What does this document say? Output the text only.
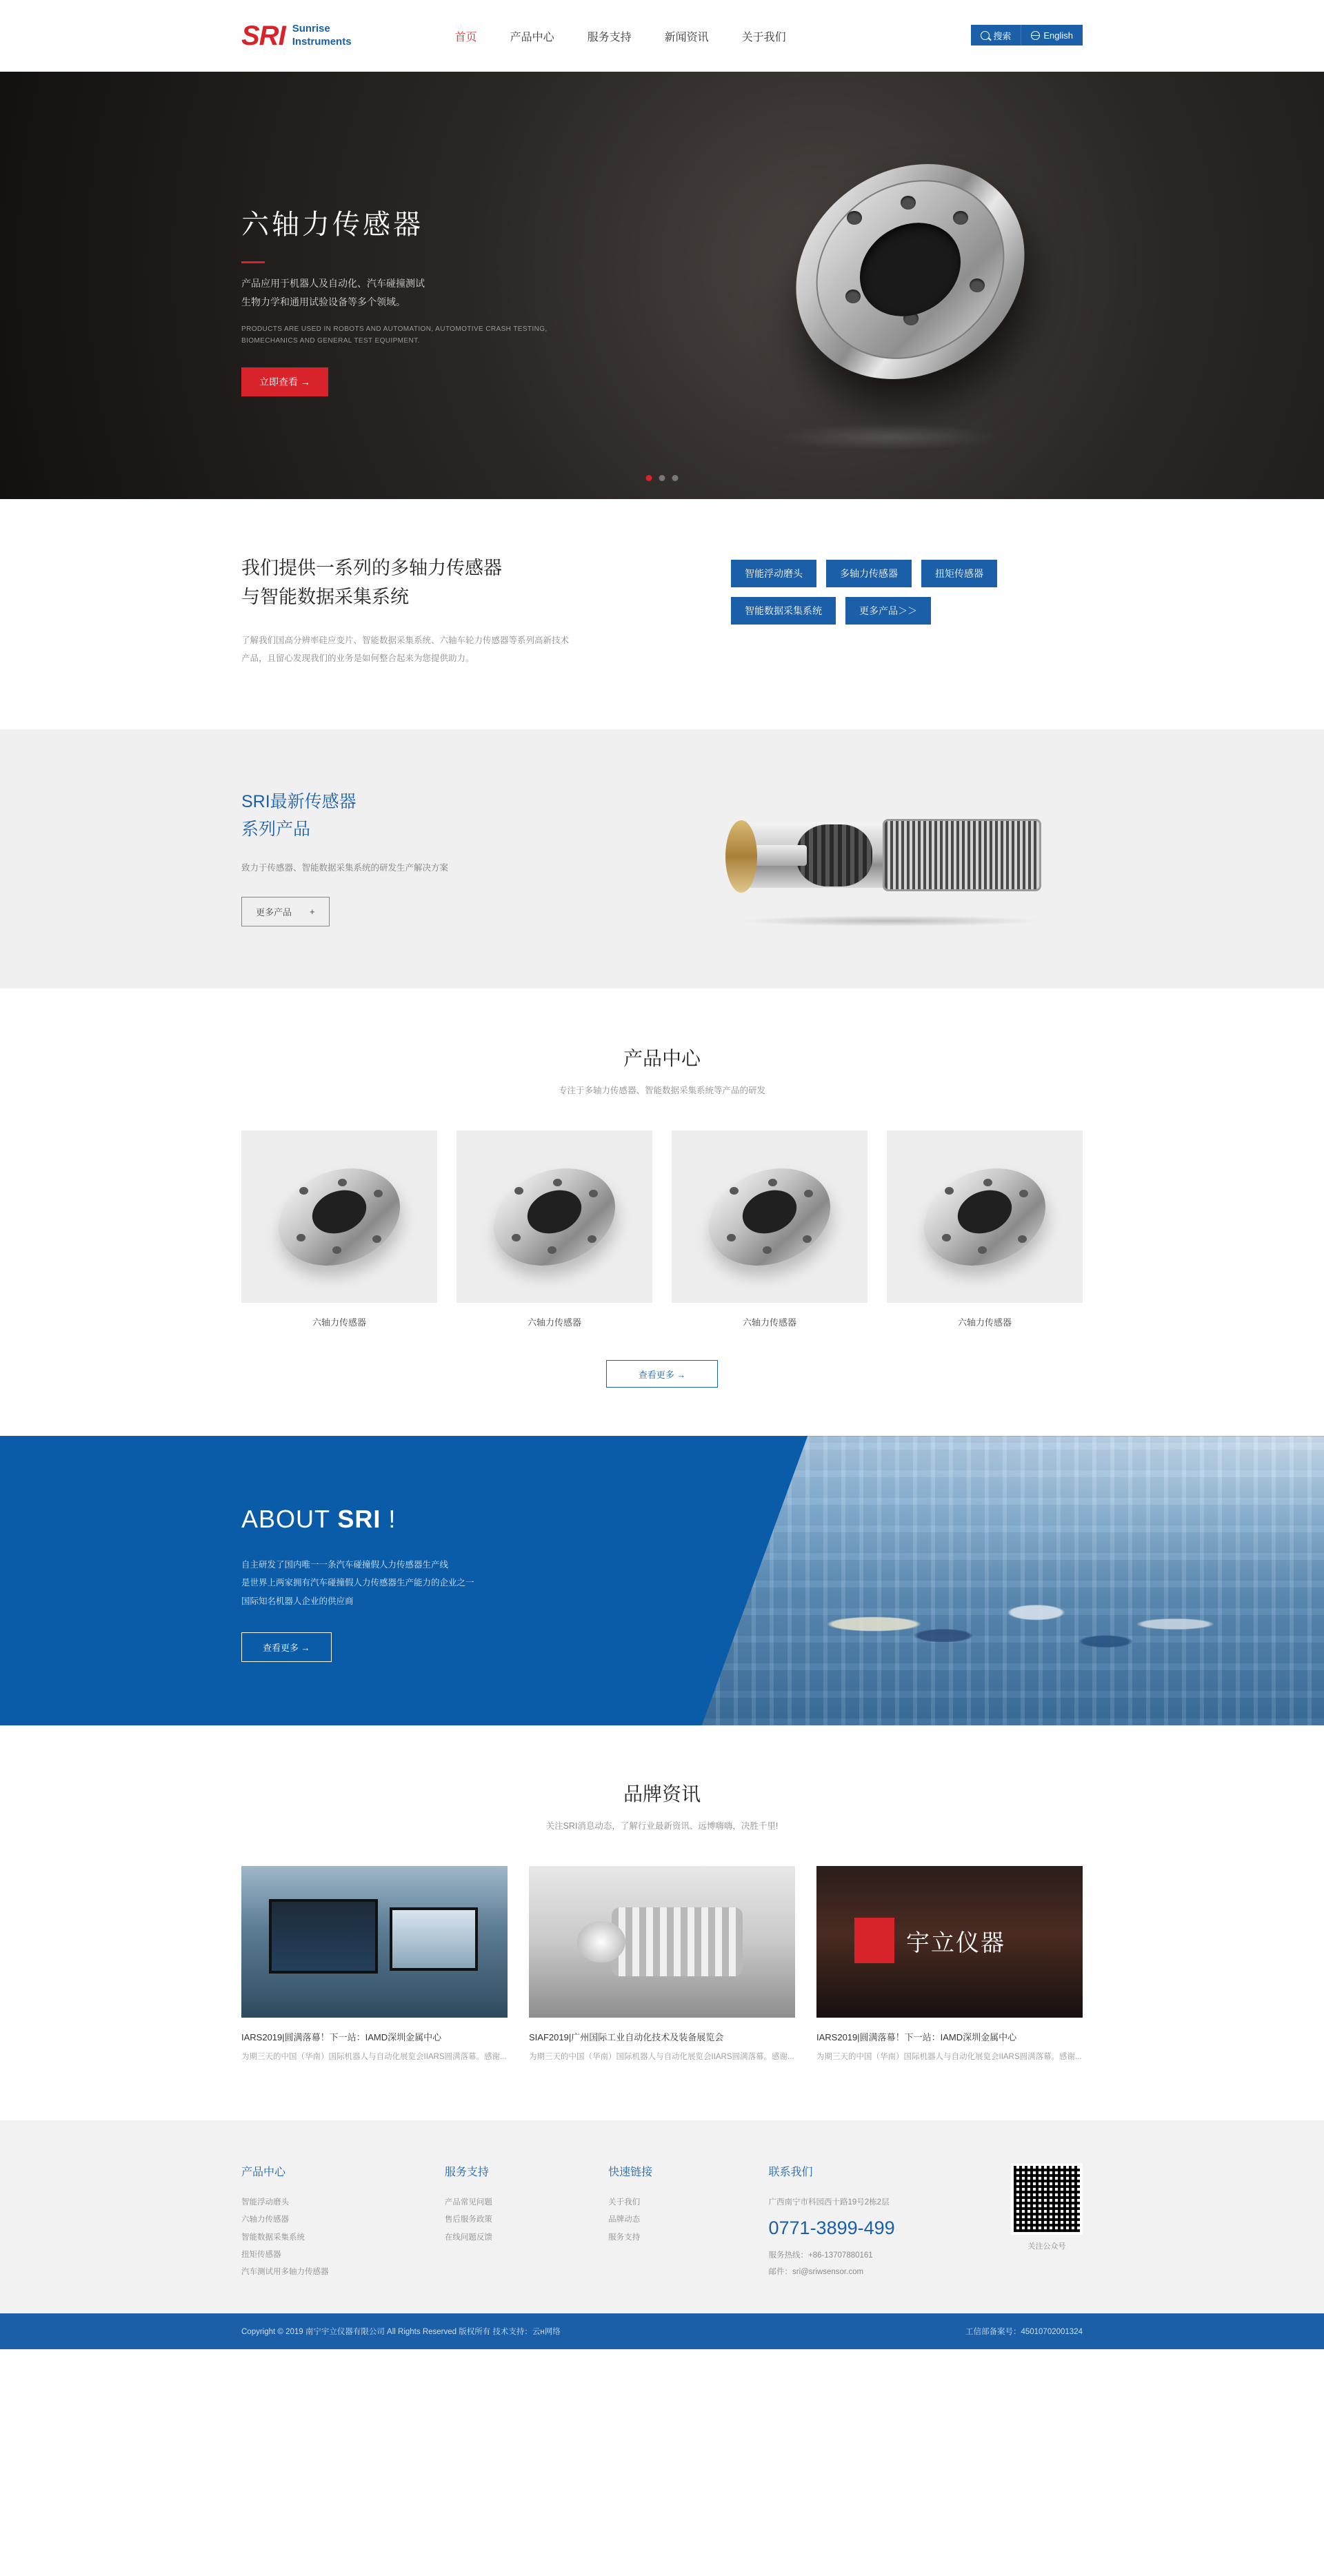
SRI Sunrise
Instruments	首页	产品中心	服务支持	新闻资讯	关于我们	搜索	English
六轴力传感器
产品应用于机器人及自动化、汽车碰撞测试
生物力学和通用试验设备等多个领域。
PRODUCTS ARE USED IN ROBOTS AND AUTOMATION, AUTOMOTIVE CRASH TESTING, BIOMECHANICS AND GENERAL TEST EQUIPMENT.
立即查看 →
我们提供一系列的多轴力传感器
与智能数据采集系统

了解我们国高分辨率硅应变片、智能数据采集系统、六轴车轮力传感器等系列高新技术产品，且留心发现我们的业务是如何整合起来为您提供助力。

智能浮动磨头	多轴力传感器	扭矩传感器
智能数据采集系统	更多产品＞＞
SRI最新传感器
系列产品
致力于传感器、智能数据采集系统的研发生产解决方案
更多产品 +
产品中心
专注于多轴力传感器、智能数据采集系统等产品的研发
六轴力传感器	六轴力传感器	六轴力传感器	六轴力传感器
查看更多 →
ABOUT SRI !
自主研发了国内唯一一条汽车碰撞假人力传感器生产线
是世界上两家拥有汽车碰撞假人力传感器生产能力的企业之一
国际知名机器人企业的供应商
查看更多 →
品牌资讯
关注SRI消息动态，了解行业最新资讯、远博嗨嗨，决胜千里!
IARS2019|圆满落幕！下一站：IAMD深圳金属中心
为期三天的中国（华南）国际机器人与自动化展览会IIARS圆满落幕。感谢...
SIAF2019|广州国际工业自动化技术及装备展览会
为期三天的中国（华南）国际机器人与自动化展览会IIARS圆满落幕。感谢...
宇立仪器
IARS2019|圆满落幕！下一站：IAMD深圳金属中心
为期三天的中国（华南）国际机器人与自动化展览会IIARS圆满落幕。感谢...
产品中心
智能浮动磨头
六轴力传感器
智能数据采集系统
扭矩传感器
汽车测试用多轴力传感器
服务支持
产品常见问题
售后服务政策
在线问题反馈
快速链接
关于我们
品牌动态
服务支持
联系我们
广西南宁市科园西十路19号2栋2层
0771-3899-499
服务热线：+86-13707880161
邮件：sri@sriwsensor.com
关注公众号
Copyright © 2019 南宁宇立仪器有限公司 All Rights Reserved 版权所有 技术支持：云н网络	工信部备案号：45010702001324
